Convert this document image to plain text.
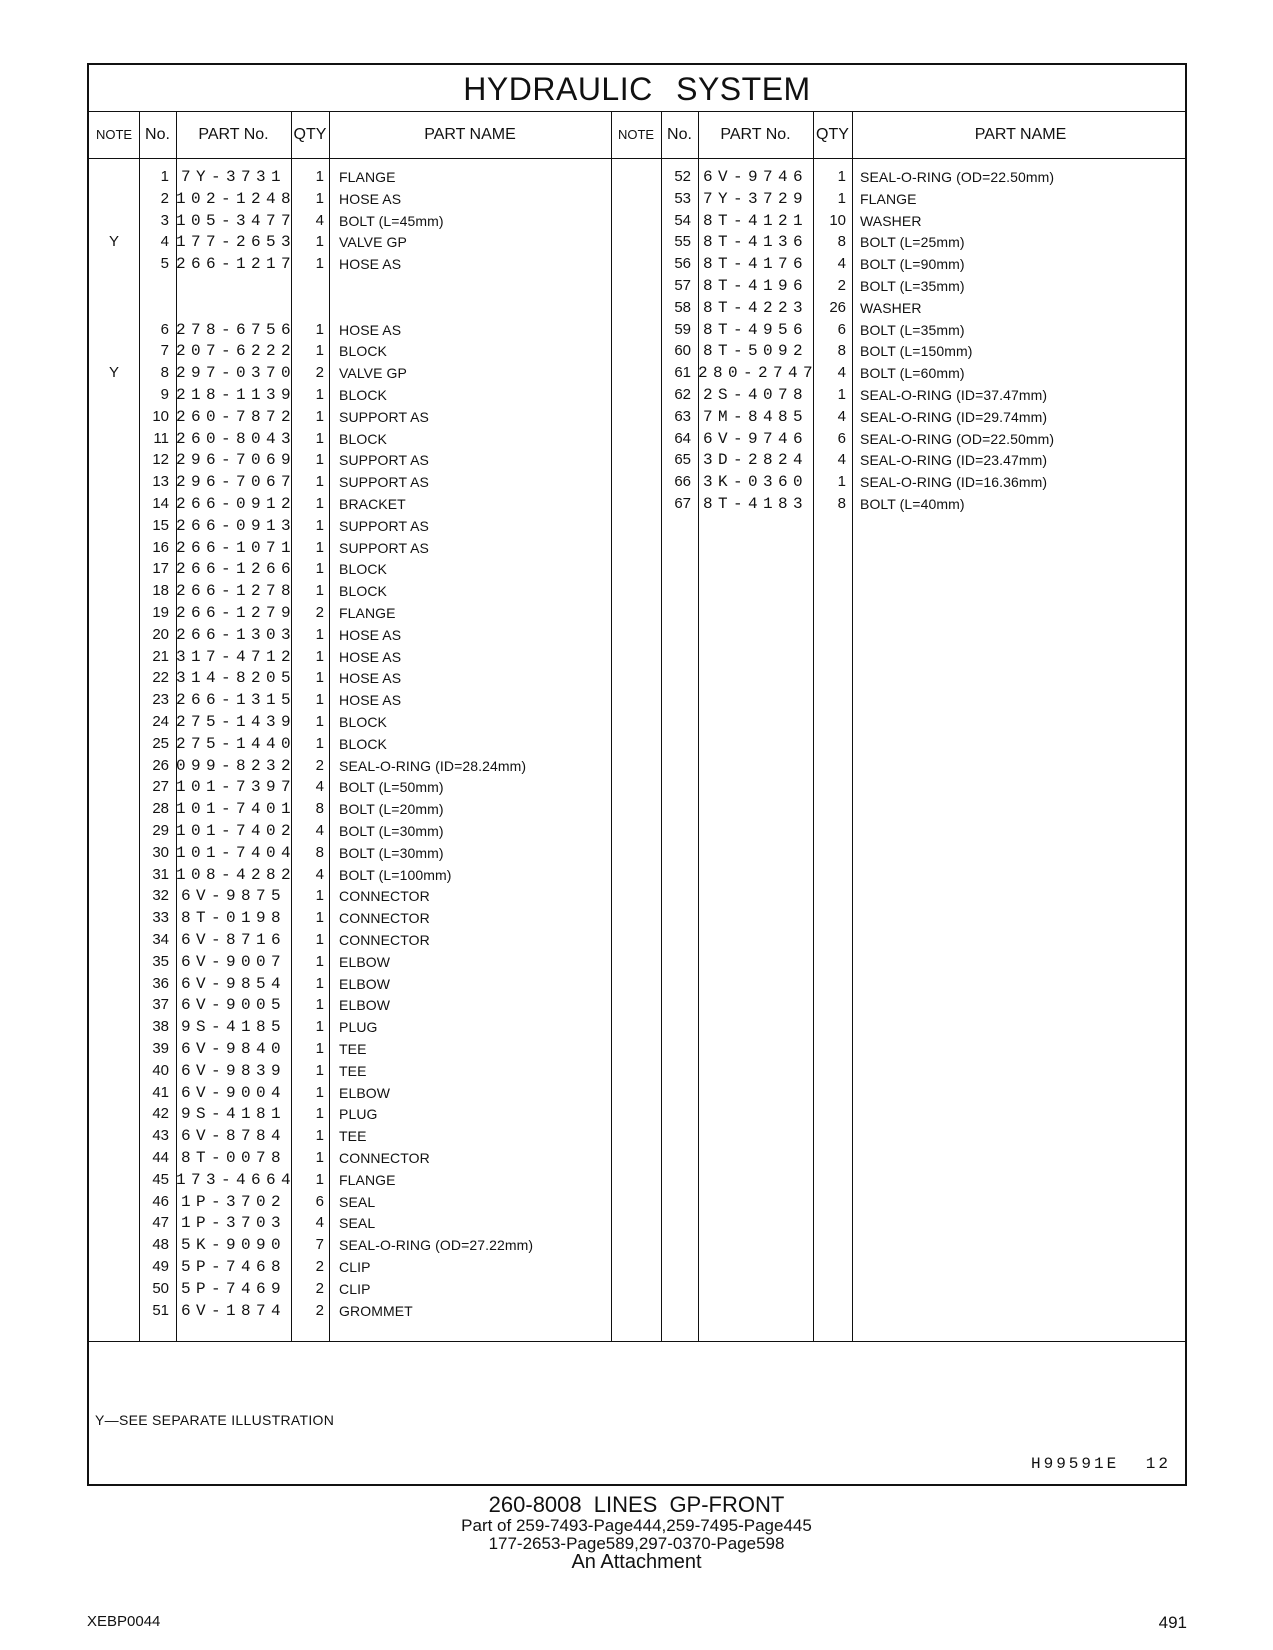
HYDRAULIC SYSTEM
NOTE No.	PART No.	QTY	PART NAME	NOTE No.	PART No.	QTY	PART NAME
1 7Y-3731	1 FLANGE
2 102-1248	1 HOSE AS
3 105-3477	4 BOLT (L=45mm)
Y	4 177-2653	1 VALVE GP
5 266-1217	1 HOSE AS
6 278-6756	1 HOSE AS
7 207-6222	1 BLOCK
Y	8 297-0370	2 VALVE GP
9 218-1139	1 BLOCK
10 260-7872	1 SUPPORT AS
11 260-8043	1 BLOCK
12 296-7069	1 SUPPORT AS
13 296-7067	1 SUPPORT AS
14 266-0912	1 BRACKET
15 266-0913	1 SUPPORT AS
16 266-1071	1 SUPPORT AS
17 266-1266	1 BLOCK
18 266-1278	1 BLOCK
19 266-1279	2 FLANGE
20 266-1303	1 HOSE AS
21 317-4712	1 HOSE AS
22 314-8205	1 HOSE AS
23 266-1315	1 HOSE AS
24 275-1439	1 BLOCK
25 275-1440	1 BLOCK
26 099-8232	2 SEAL-O-RING (ID=28.24mm)
27 101-7397	4 BOLT (L=50mm)
28 101-7401	8 BOLT (L=20mm)
29 101-7402	4 BOLT (L=30mm)
30 101-7404	8 BOLT (L=30mm)
31 108-4282	4 BOLT (L=100mm)
32 6V-9875	1 CONNECTOR
33 8T-0198	1 CONNECTOR
34 6V-8716	1 CONNECTOR
35 6V-9007	1 ELBOW
36 6V-9854	1 ELBOW
37 6V-9005	1 ELBOW
38 9S-4185	1 PLUG
39 6V-9840	1 TEE
40 6V-9839	1 TEE
41 6V-9004	1 ELBOW
42 9S-4181	1 PLUG
43 6V-8784	1 TEE
44 8T-0078	1 CONNECTOR
45 173-4664	1 FLANGE
46 1P-3702	6 SEAL
47 1P-3703	4 SEAL
48 5K-9090	7 SEAL-O-RING (OD=27.22mm)
49 5P-7468	2 CLIP
50 5P-7469	2 CLIP
51 6V-1874	2 GROMMET
52 6V-9746	1 SEAL-O-RING (OD=22.50mm)
53 7Y-3729	1 FLANGE
54 8T-4121	10 WASHER
55 8T-4136	8 BOLT (L=25mm)
56 8T-4176	4 BOLT (L=90mm)
57 8T-4196	2 BOLT (L=35mm)
58 8T-4223	26 WASHER
59 8T-4956	6 BOLT (L=35mm)
60 8T-5092	8 BOLT (L=150mm)
61 280-2747	4 BOLT (L=60mm)
62 2S-4078	1 SEAL-O-RING (ID=37.47mm)
63 7M-8485	4 SEAL-O-RING (ID=29.74mm)
64 6V-9746	6 SEAL-O-RING (OD=22.50mm)
65 3D-2824	4 SEAL-O-RING (ID=23.47mm)
66 3K-0360	1 SEAL-O-RING (ID=16.36mm)
67 8T-4183	8 BOLT (L=40mm)
Y—SEE SEPARATE ILLUSTRATION
H99591E 12
260-8008 LINES GP-FRONT
Part of 259-7493-Page444,259-7495-Page445
177-2653-Page589,297-0370-Page598
An Attachment
XEBP0044	491
